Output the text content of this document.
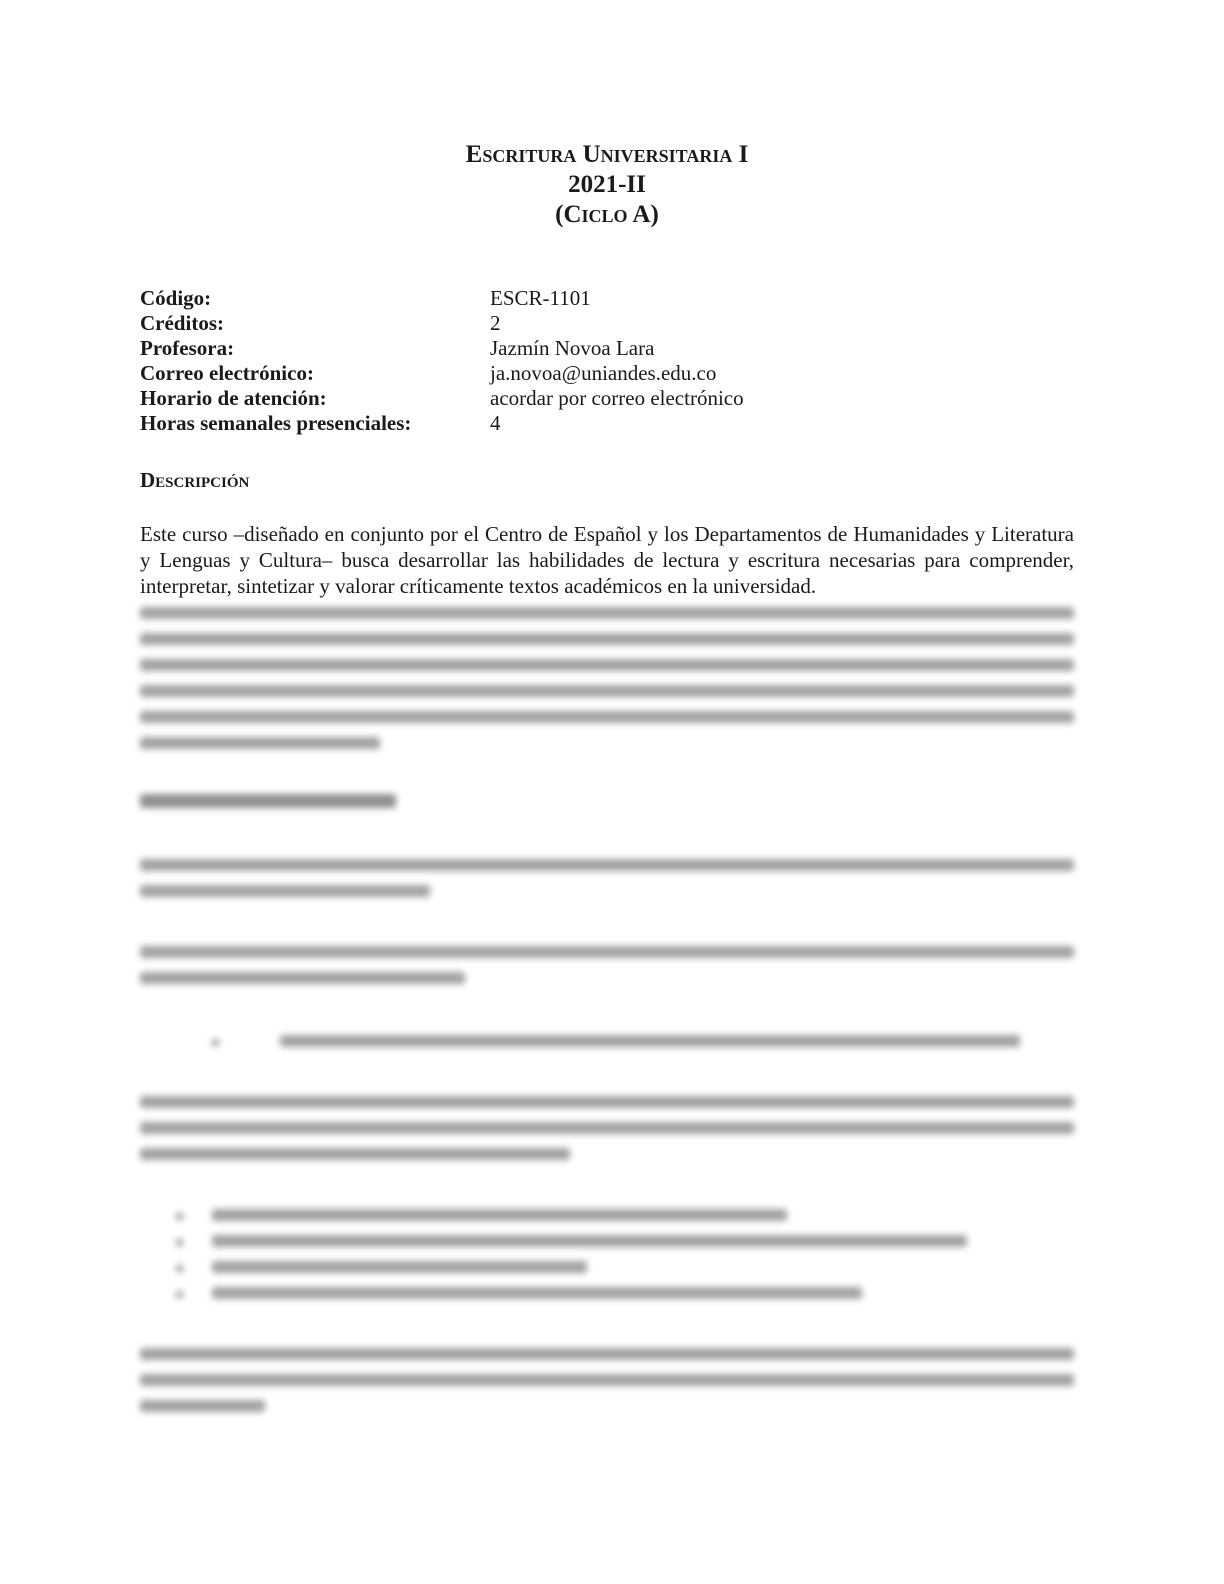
Escritura Universitaria I
2021-II
(Ciclo A)
Código:	ESCR-1101
Créditos:	2
Profesora:	Jazmín Novoa Lara
Correo electrónico:	ja.novoa@uniandes.edu.co
Horario de atención:	acordar por correo electrónico
Horas semanales presenciales:	4
Descripción

Este curso –diseñado en conjunto por el Centro de Español y los Departamentos de Humanidades y Literatura y Lenguas y Cultura– busca desarrollar las habilidades de lectura y escritura necesarias para comprender, interpretar, sintetizar y valorar críticamente textos académicos en la universidad.
